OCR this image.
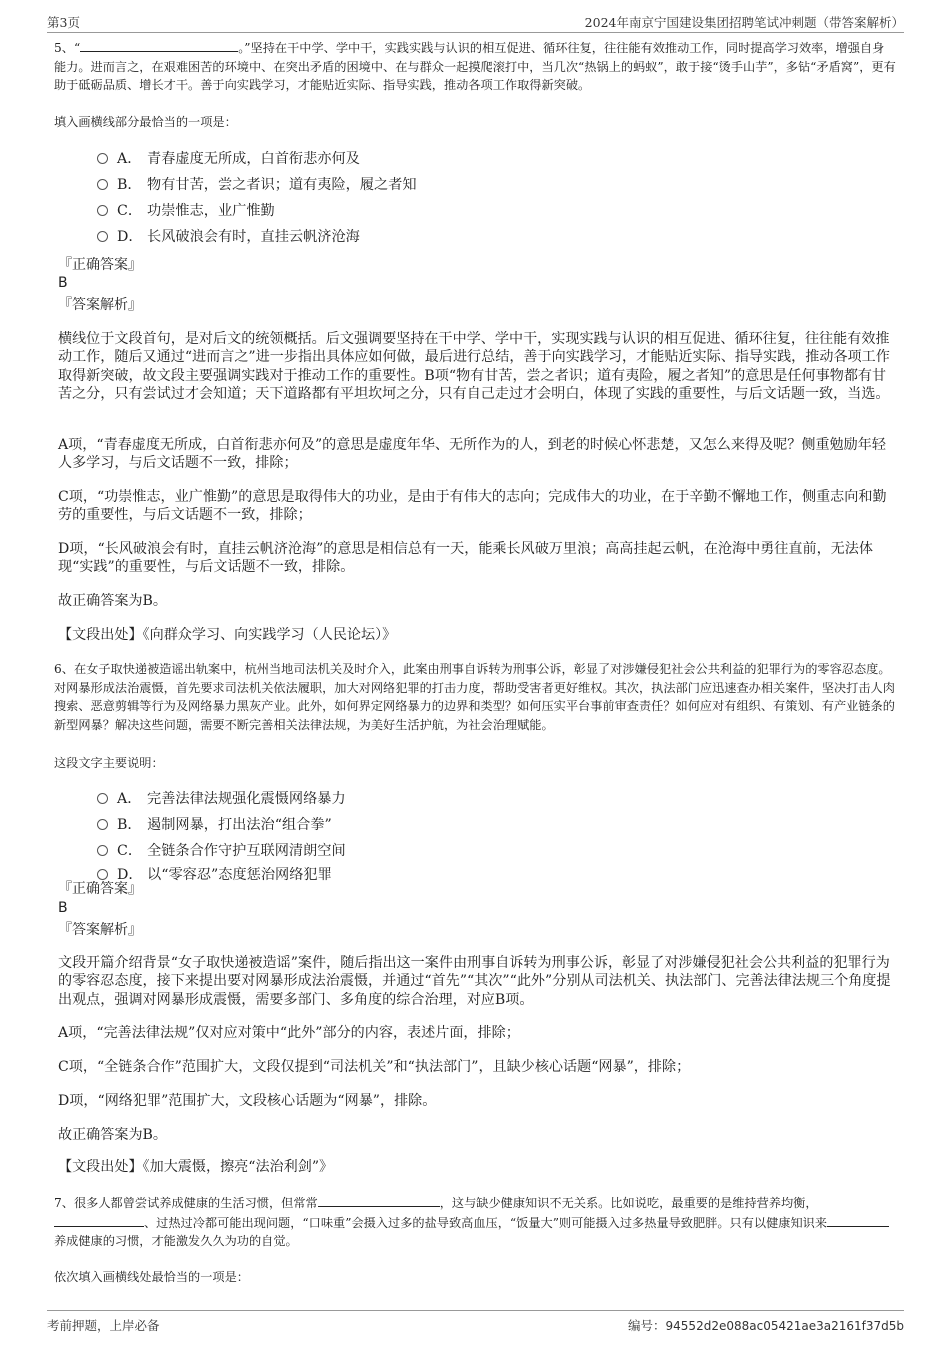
第3页	2024年南京宁国建设集团招聘笔试冲刺题（带答案解析）

5、“	。”坚持在干中学、学中干，实践实践与认识的相互促进、循环往复，往往能有效推动工作，同时提高学习效率，增强自身能力。进而言之，在艰难困苦的环境中、在突出矛盾的困境中、在与群众一起摸爬滚打中，当几次“热锅上的蚂蚁”，敢于接“烫手山芋”，多钻“矛盾窝”，更有助于砥砺品质、增长才干。善于向实践学习，才能贴近实际、指导实践，推动各项工作取得新突破。

填入画横线部分最恰当的一项是：
A． 青春虚度无所成，白首衔悲亦何及
B． 物有甘苦，尝之者识；道有夷险，履之者知
C． 功崇惟志，业广惟勤
D． 长风破浪会有时，直挂云帆济沧海
『正确答案』
B
『答案解析』

横线位于文段首句，是对后文的统领概括。后文强调要坚持在干中学、学中干，实现实践与认识的相互促进、循环往复，往往能有效推动工作，随后又通过“进而言之”进一步指出具体应如何做，最后进行总结，善于向实践学习，才能贴近实际、指导实践，推动各项工作取得新突破，故文段主要强调实践对于推动工作的重要性。B项“物有甘苦，尝之者识；道有夷险，履之者知”的意思是任何事物都有甘苦之分，只有尝试过才会知道；天下道路都有平坦坎坷之分，只有自己走过才会明白，体现了实践的重要性，与后文话题一致，当选。

A项，“青春虚度无所成，白首衔悲亦何及”的意思是虚度年华、无所作为的人，到老的时候心怀悲楚，又怎么来得及呢？侧重勉励年轻人多学习，与后文话题不一致，排除；

C项，“功崇惟志，业广惟勤”的意思是取得伟大的功业，是由于有伟大的志向；完成伟大的功业，在于辛勤不懈地工作，侧重志向和勤劳的重要性，与后文话题不一致，排除；

D项，“长风破浪会有时，直挂云帆济沧海”的意思是相信总有一天，能乘长风破万里浪；高高挂起云帆，在沧海中勇往直前，无法体现“实践”的重要性，与后文话题不一致，排除。

故正确答案为B。

【文段出处】《向群众学习、向实践学习（人民论坛）》

6、在女子取快递被造谣出轨案中，杭州当地司法机关及时介入，此案由刑事自诉转为刑事公诉，彰显了对涉嫌侵犯社会公共利益的犯罪行为的零容忍态度。对网暴形成法治震慑，首先要求司法机关依法履职，加大对网络犯罪的打击力度，帮助受害者更好维权。其次，执法部门应迅速查办相关案件，坚决打击人肉搜索、恶意剪辑等行为及网络暴力黑灰产业。此外，如何界定网络暴力的边界和类型？如何压实平台事前审查责任？如何应对有组织、有策划、有产业链条的新型网暴？解决这些问题，需要不断完善相关法律法规，为美好生活护航，为社会治理赋能。

这段文字主要说明：
A． 完善法律法规强化震慑网络暴力
B． 遏制网暴，打出法治“组合拳”
C． 全链条合作守护互联网清朗空间
D． 以“零容忍”态度惩治网络犯罪
『正确答案』
B
『答案解析』

文段开篇介绍背景“女子取快递被造谣”案件，随后指出这一案件由刑事自诉转为刑事公诉，彰显了对涉嫌侵犯社会公共利益的犯罪行为的零容忍态度，接下来提出要对网暴形成法治震慑，并通过“首先”“其次”“此外”分别从司法机关、执法部门、完善法律法规三个角度提出观点，强调对网暴形成震慑，需要多部门、多角度的综合治理，对应B项。

A项，“完善法律法规”仅对应对策中“此外”部分的内容，表述片面，排除；

C项，“全链条合作”范围扩大，文段仅提到“司法机关”和“执法部门”，且缺少核心话题“网暴”，排除；

D项，“网络犯罪”范围扩大，文段核心话题为“网暴”，排除。

故正确答案为B。

【文段出处】《加大震慑，擦亮“法治利剑”》

7、很多人都曾尝试养成健康的生活习惯，但常常	，这与缺少健康知识不无关系。比如说吃，最重要的是维持营养均衡，、过热过冷都可能出现问题，“口味重”会摄入过多的盐导致高血压，“饭量大”则可能摄入过多热量导致肥胖。只有以健康知识来养成健康的习惯，才能激发久久为功的自觉。

依次填入画横线处最恰当的一项是：
考前押题，上岸必备	编号：94552d2e088ac05421ae3a2161f37d5b
